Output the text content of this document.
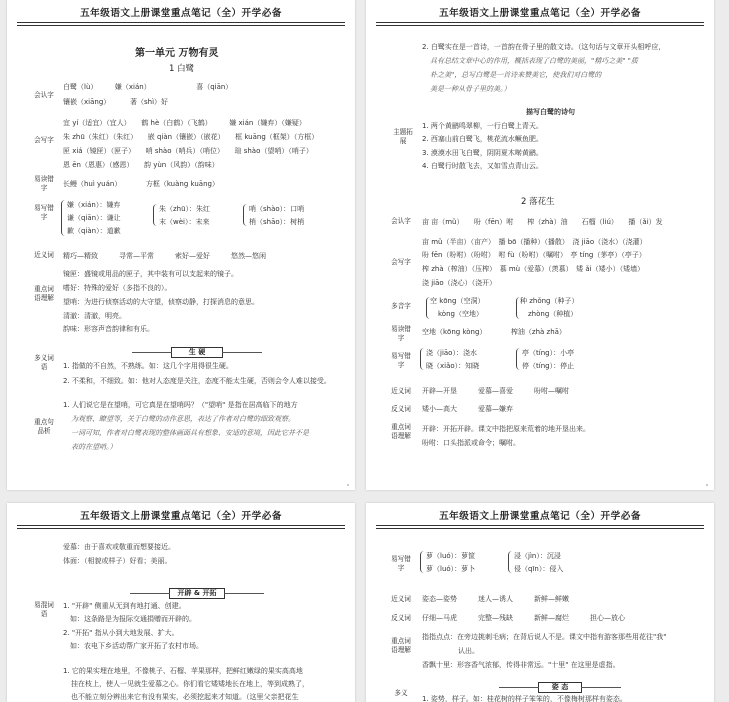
五年级语文上册课堂重点笔记（全）开学必备
第一单元 万物有灵
1 白鹭
会认字
白鹭（lù）　　　嫌（xián）　　　　　　　喜（qiān）
镶嵌（xiāng）　　　 著（shì）好
会写字
宜 yí（适宜）（宜人）　　鹤 hè（白鹤）（飞鹤）　　　嫌 xián（嫌弃）（嫌疑）
朱 zhū（朱红）（朱红）　　嵌 qiàn（镶嵌）（嵌花）　　框 kuāng（框架）（方框）
匣 xiá（镜匣）（匣子）　　哨 shào（哨兵）（哨位）　　瑄 shào（望哨）（哨子）
恩 ēn（恩惠）（感恩）　　韵 yùn（风韵）（韵味）
易读错字	长鳗（huì yuán）　　　　方框（kuàng kuāng）
易写错字
嫌（xián）：嫌弃
谦（qiān）：谦让
歉（qiàn）：道歉
朱（zhū）：朱红
末（wèi）：末来
哨（shào）：口哨
梢（shāo）：树梢
近义词 精巧—精致　　　寻常—平常　　　索好—爱好　　　悠然—悠闲
重点词语理解
镜匣：盛镜或用品的匣子，其中装有可以支起来的镜子。
嗜好：特殊的爱好（多指不良的）。
望哨：为进行侦察活动的大守望，侦察动静，打探消息的意思。
清澈：清澈，明亮。
韵味：形容声音韵律和有乐。
生 硬
多义词语	1. 指做的不自然，不熟练。如：这几个字用得很生硬。
2. 不柔和，不细致。如：他对人态度是关注，态度不能太生硬，否则会令人难以接受。
重点句品析
1. 人们说它是在望哨，可它真是在望哨吗？（"望哨" 是指在居高临下的地方
为观察、瞭望等，关于白鹭的动作意思，表达了作者对白鹭的细致观察。
一词可知，作者对白鹭表现的整体画面具有想象、安适的意境，因此它并不是
表的在望哨。）
五年级语文上册课堂重点笔记（全）开学必备
2. 白鹭实在是一首诗，一首韵在骨子里的散文诗。（这句话与文章开头相呼应，
具有总结文章中心的作用，概括表现了白鹭的美丽，"精巧之美" "质
朴之美"，总写白鹭是一首诗来赞美它，使我们对白鹭的
美是一种从骨子里的美。）
描写白鹭的诗句
主题拓展
1. 两个黄鹂鸣翠柳，一行白鹭上青天。
2. 西塞山前白鹭飞，桃花流水鳜鱼肥。
3. 漠漠水田飞白鹭，阴阴夏木啭黄鹂。
4. 白鹭行时散飞去，又如雪点青山云。
2 落花生
会认字 亩 亩（mǔ）　　吩（fēn）咐　　榨（zhà）油　　石榴（liú）　　播（ǎi）发
会写字
亩 mǔ（半亩）（亩产）　播 bō（播种）（播散）　浇 jiāo（浇水）（浇灌）
吩 fēn（吩咐）（吩咐）　咐 fù（吩咐）（嘱咐）　亭 tíng（茅亭）（亭子）
榨 zhà（榨油）（压榨）　慕 mù（爱慕）（羡慕）　矮 ǎi（矮小）（矮墙）
浇 jiāo（浇心）（浇开）
多音字
空 kōng（空洞）
kòng（空地）
种 zhǒng（种子）
zhòng（种植）
易读错字
空地（kōng kòng）　　　　榨油（zhà zhā）
易写错字
浇（jiāo）：浇水
晓（xiǎo）：知晓
亭（tíng）：小亭
停（tíng）：停止
近义词 开辟—开垦　　　爱慕—喜爱　　　吩咐—嘱咐
反义词 矮小—高大　　　爱慕—嫌弃
重点词语理解
开辟：开拓开辟。课文中指把原来荒着的地开垦出来。
吩咐：口头指派或命令；嘱咐。
五年级语文上册课堂重点笔记（全）开学必备
爱慕：由于喜欢或敬重而想要接近。
体面：（相貌或样子）好看；美丽。
开辟 & 开拓
易混词语
1. "开辟" 侧重从无到有地打通、创建。
　如：这条路是为报际交通捐赠而开辟的。
2. "开拓" 指从小到大地发展、扩大。
　如：农电下乡活动帮广家开拓了农村市场。
1. 它的果实埋在地里，不像桃子、石榴、苹果那样，把鲜红嫩绿的果实高高地
挂在枝上，使人一见就生爱慕之心。你们看它矮矮地长在地上，等到成熟了，
也不能立刻分辨出来它有没有果实，必须挖起来才知道。（这里父亲把花生
五年级语文上册课堂重点笔记（全）开学必备
易写错字
萝（luó）：萝筐
萝（luó）：萝卜
浸（jìn）：沉浸
侵（qīn）：侵入
近义词 姿态—姿势　　　迷人—诱人　　　新鲜—鲜嫩
反义词 仔细—马虎　　　完整—残缺　　　新鲜—腐烂　　　担心—放心
重点词语理解
指指点点：在旁边挑刺毛病；在背后说人不是。课文中指有游客那些用花往"我"
认出。
香飘十里：形容香气浓郁，传得非常远。"十里" 在这里是虚指。
姿 态
多义
1. 姿势，样子。如：桂花树的样子笨笨的，不像梅树那样有姿态。
